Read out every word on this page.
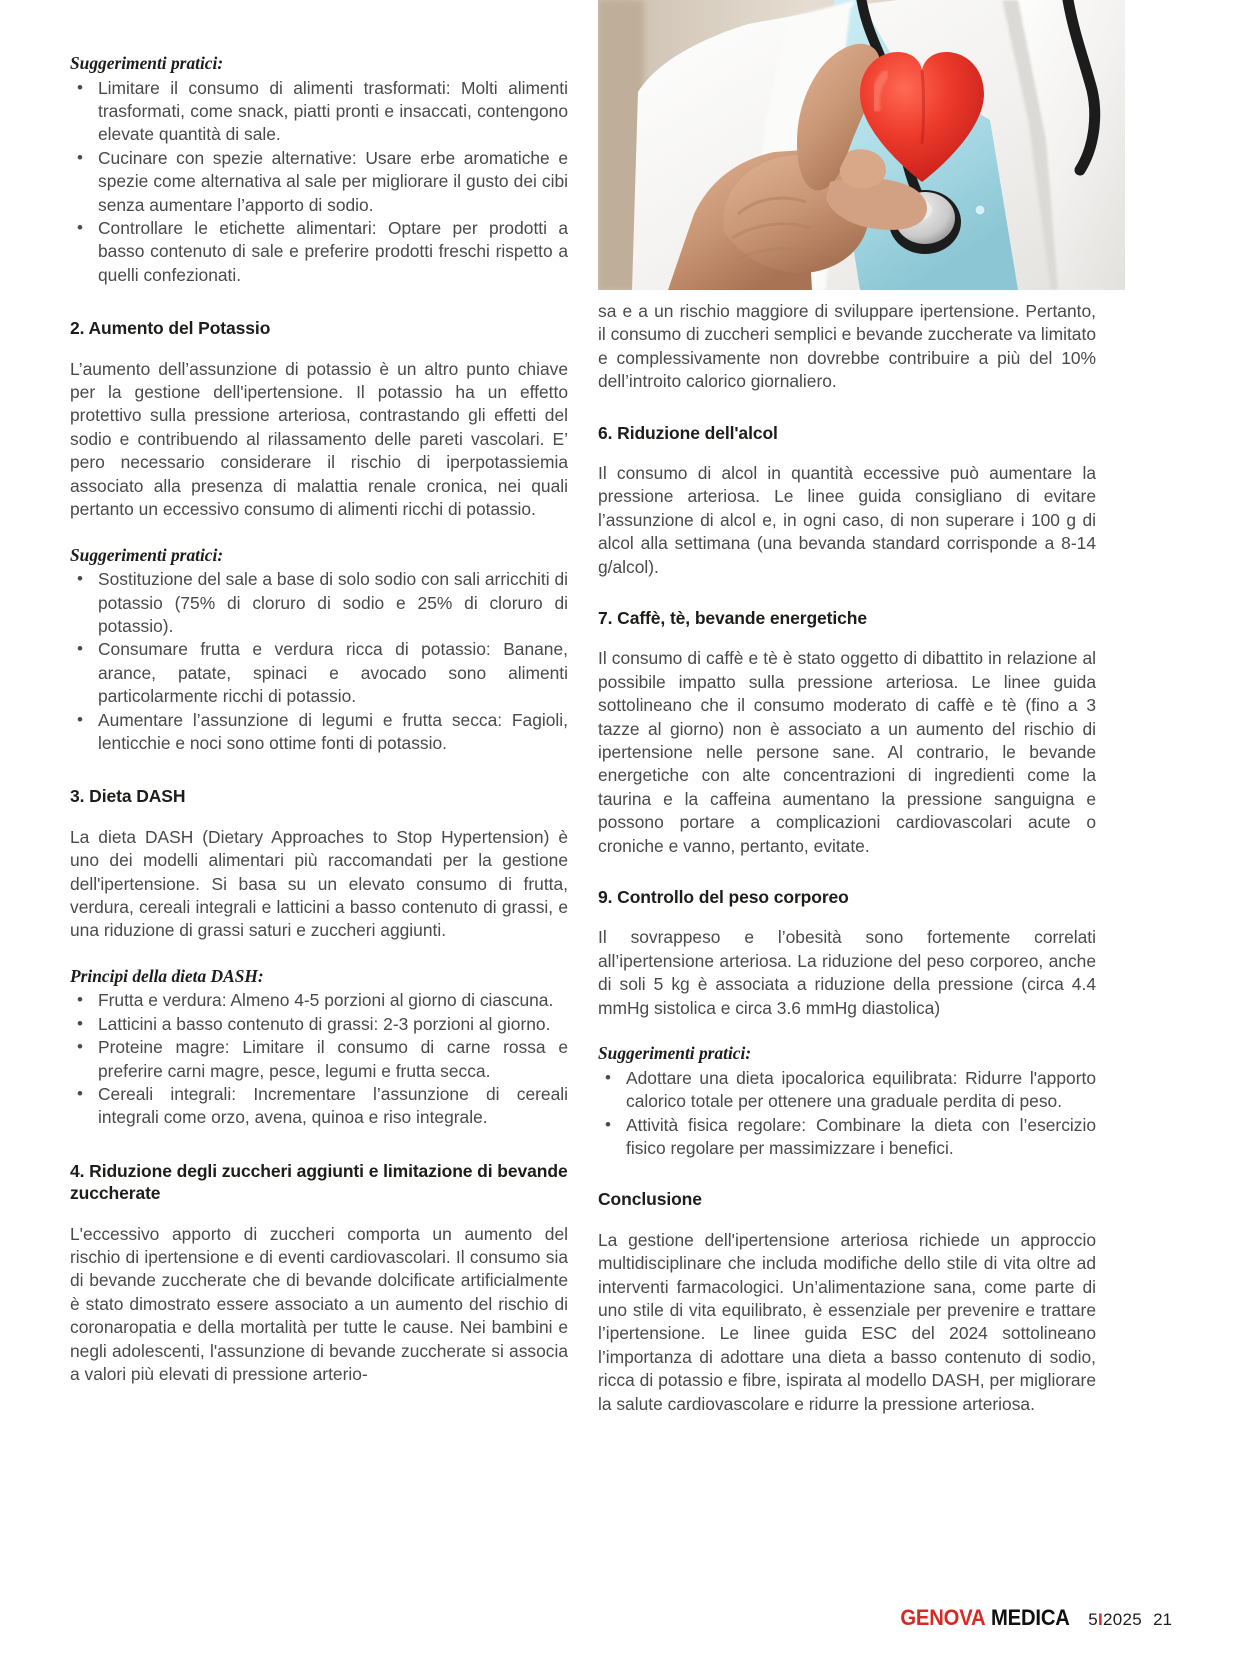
Suggerimenti pratici:
• Limitare il consumo di alimenti trasformati: Molti alimenti trasformati, come snack, piatti pronti e insaccati, contengono elevate quantità di sale.
• Cucinare con spezie alternative: Usare erbe aromatiche e spezie come alternativa al sale per migliorare il gusto dei cibi senza aumentare l’apporto di sodio.
• Controllare le etichette alimentari: Optare per prodotti a basso contenuto di sale e preferire prodotti freschi rispetto a quelli confezionati.
2. Aumento del Potassio

L’aumento dell’assunzione di potassio è un altro punto chiave per la gestione dell'ipertensione. Il potassio ha un effetto protettivo sulla pressione arteriosa, contrastando gli effetti del sodio e contribuendo al rilassamento delle pareti vascolari. E’ pero necessario considerare il rischio di iperpotassiemia associato alla presenza di malattia renale cronica, nei quali pertanto un eccessivo consumo di alimenti ricchi di potassio.

Suggerimenti pratici:
• Sostituzione del sale a base di solo sodio con sali arricchiti di potassio (75% di cloruro di sodio e 25% di cloruro di potassio).
• Consumare frutta e verdura ricca di potassio: Banane, arance, patate, spinaci e avocado sono alimenti particolarmente ricchi di potassio.
• Aumentare l’assunzione di legumi e frutta secca: Fagioli, lenticchie e noci sono ottime fonti di potassio.
3. Dieta DASH

La dieta DASH (Dietary Approaches to Stop Hypertension) è uno dei modelli alimentari più raccomandati per la gestione dell'ipertensione. Si basa su un elevato consumo di frutta, verdura, cereali integrali e latticini a basso contenuto di grassi, e una riduzione di grassi saturi e zuccheri aggiunti.

Principi della dieta DASH:
• Frutta e verdura: Almeno 4-5 porzioni al giorno di ciascuna.
• Latticini a basso contenuto di grassi: 2-3 porzioni al giorno.
• Proteine magre: Limitare il consumo di carne rossa e preferire carni magre, pesce, legumi e frutta secca.
• Cereali integrali: Incrementare l’assunzione di cereali integrali come orzo, avena, quinoa e riso integrale.
4. Riduzione degli zuccheri aggiunti e limitazione di bevande zuccherate

L'eccessivo apporto di zuccheri comporta un aumento del rischio di ipertensione e di eventi cardiovascolari. Il consumo sia di bevande zuccherate che di bevande dolcificate artificialmente è stato dimostrato essere associato a un aumento del rischio di coronaropatia e della mortalità per tutte le cause. Nei bambini e negli adolescenti, l'assunzione di bevande zuccherate si associa a valori più elevati di pressione arterio-

sa e a un rischio maggiore di sviluppare ipertensione. Pertanto, il consumo di zuccheri semplici e bevande zuccherate va limitato e complessivamente non dovrebbe contribuire a più del 10% dell’introito calorico giornaliero.

6. Riduzione dell'alcol

Il consumo di alcol in quantità eccessive può aumentare la pressione arteriosa. Le linee guida consigliano di evitare l’assunzione di alcol e, in ogni caso, di non superare i 100 g di alcol alla settimana (una bevanda standard corrisponde a 8-14 g/alcol).

7. Caffè, tè, bevande energetiche

Il consumo di caffè e tè è stato oggetto di dibattito in relazione al possibile impatto sulla pressione arteriosa. Le linee guida sottolineano che il consumo moderato di caffè e tè (fino a 3 tazze al giorno) non è associato a un aumento del rischio di ipertensione nelle persone sane. Al contrario, le bevande energetiche con alte concentrazioni di ingredienti come la taurina e la caffeina aumentano la pressione sanguigna e possono portare a complicazioni cardiovascolari acute o croniche e vanno, pertanto, evitate.

9. Controllo del peso corporeo

Il sovrappeso e l’obesità sono fortemente correlati all’ipertensione arteriosa. La riduzione del peso corporeo, anche di soli 5 kg è associata a riduzione della pressione (circa 4.4 mmHg sistolica e circa 3.6 mmHg diastolica)

Suggerimenti pratici:
• Adottare una dieta ipocalorica equilibrata: Ridurre l'apporto calorico totale per ottenere una graduale perdita di peso.
• Attività fisica regolare: Combinare la dieta con l’esercizio fisico regolare per massimizzare i benefici.
Conclusione

La gestione dell'ipertensione arteriosa richiede un approccio multidisciplinare che includa modifiche dello stile di vita oltre ad interventi farmacologici. Un’alimentazione sana, come parte di uno stile di vita equilibrato, è essenziale per prevenire e trattare l’ipertensione. Le linee guida ESC del 2024 sottolineano l’importanza di adottare una dieta a basso contenuto di sodio, ricca di potassio e fibre, ispirata al modello DASH, per migliorare la salute cardiovascolare e ridurre la pressione arteriosa.

GENOVA MEDICA 5I2025 21
